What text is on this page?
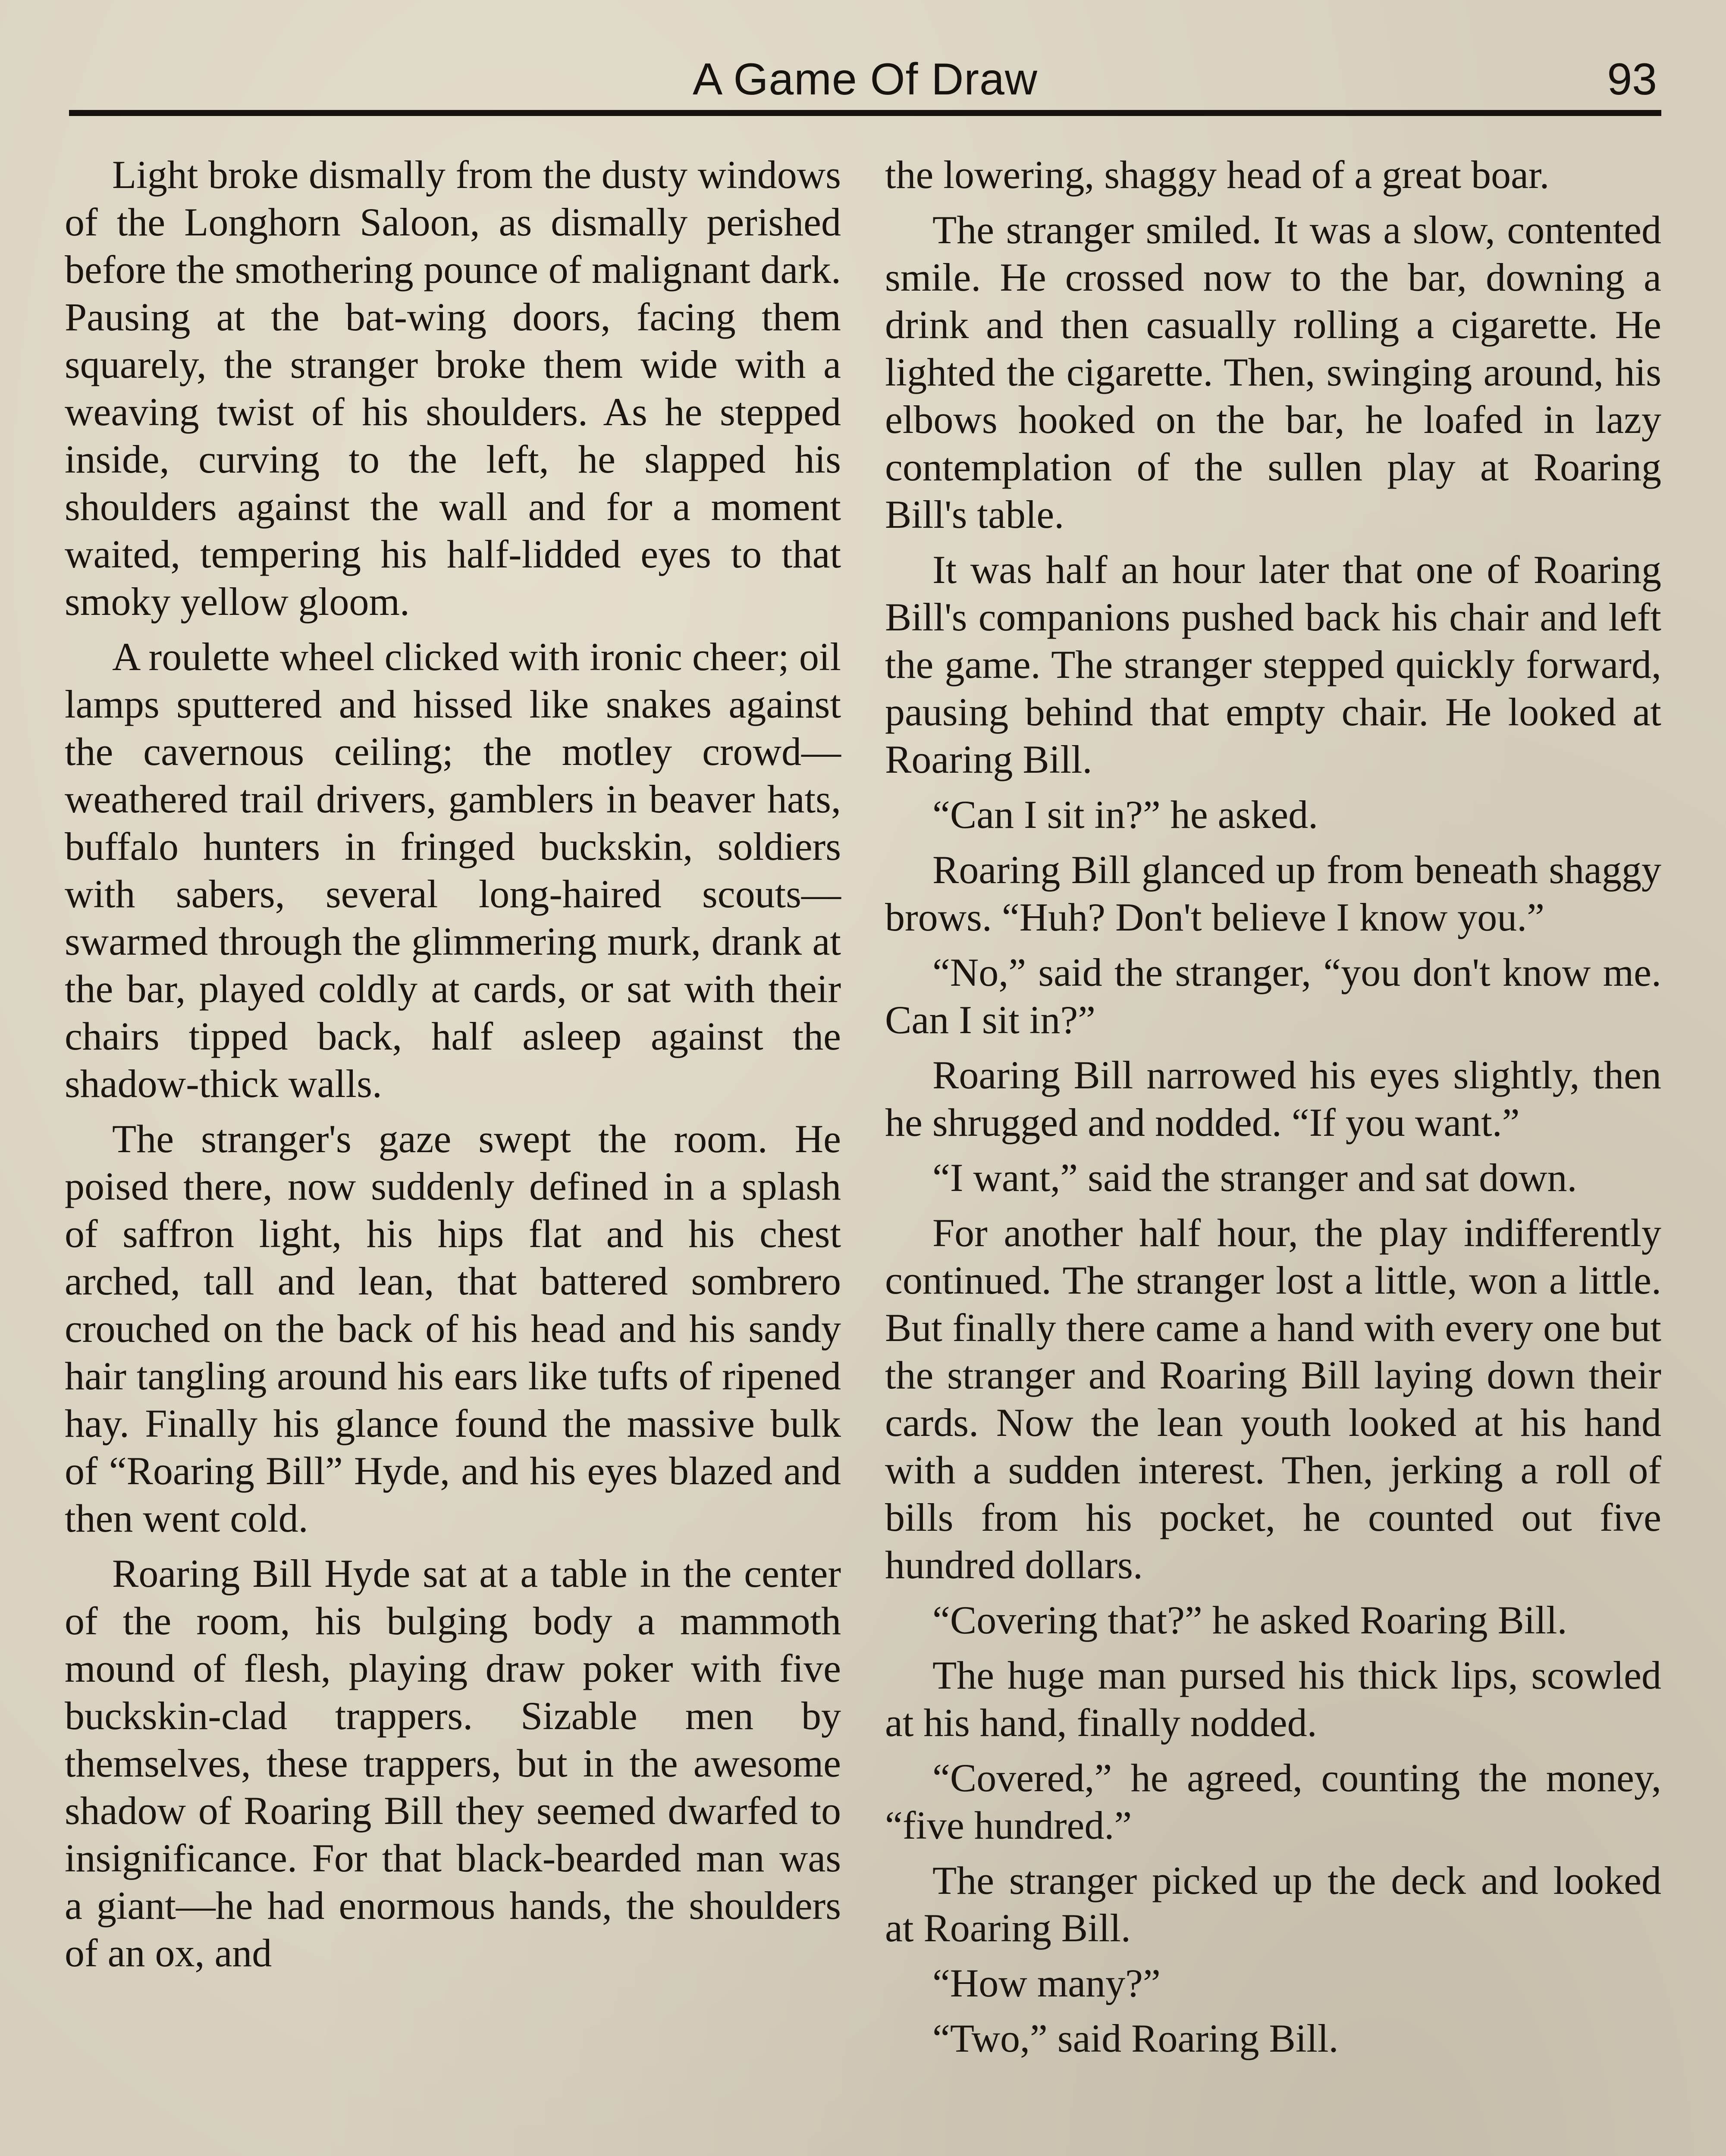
A Game Of Draw	93

Light broke dismally from the dusty windows of the Longhorn Saloon, as dismally perished before the smothering pounce of malignant dark. Pausing at the bat-wing doors, facing them squarely, the stranger broke them wide with a weaving twist of his shoulders. As he stepped inside, curving to the left, he slapped his shoulders against the wall and for a moment waited, tempering his half-lidded eyes to that smoky yellow gloom.

A roulette wheel clicked with ironic cheer; oil lamps sputtered and hissed like snakes against the cavernous ceiling; the motley crowd—weathered trail drivers, gamblers in beaver hats, buffalo hunters in fringed buckskin, soldiers with sabers, several long-haired scouts—swarmed through the glimmering murk, drank at the bar, played coldly at cards, or sat with their chairs tipped back, half asleep against the shadow-thick walls.

The stranger's gaze swept the room. He poised there, now suddenly defined in a splash of saffron light, his hips flat and his chest arched, tall and lean, that battered sombrero crouched on the back of his head and his sandy hair tangling around his ears like tufts of ripened hay. Finally his glance found the massive bulk of “Roaring Bill” Hyde, and his eyes blazed and then went cold.

Roaring Bill Hyde sat at a table in the center of the room, his bulging body a mammoth mound of flesh, playing draw poker with five buckskin-clad trappers. Sizable men by themselves, these trappers, but in the awesome shadow of Roaring Bill they seemed dwarfed to insignificance. For that black-bearded man was a giant—he had enormous hands, the shoulders of an ox, and

the lowering, shaggy head of a great boar.

The stranger smiled. It was a slow, contented smile. He crossed now to the bar, downing a drink and then casually rolling a cigarette. He lighted the cigarette. Then, swinging around, his elbows hooked on the bar, he loafed in lazy contemplation of the sullen play at Roaring Bill's table.

It was half an hour later that one of Roaring Bill's companions pushed back his chair and left the game. The stranger stepped quickly forward, pausing behind that empty chair. He looked at Roaring Bill.

“Can I sit in?” he asked.

Roaring Bill glanced up from beneath shaggy brows. “Huh? Don't believe I know you.”

“No,” said the stranger, “you don't know me. Can I sit in?”

Roaring Bill narrowed his eyes slightly, then he shrugged and nodded. “If you want.”

“I want,” said the stranger and sat down.

For another half hour, the play indifferently continued. The stranger lost a little, won a little. But finally there came a hand with every one but the stranger and Roaring Bill laying down their cards. Now the lean youth looked at his hand with a sudden interest. Then, jerking a roll of bills from his pocket, he counted out five hundred dollars.

“Covering that?” he asked Roaring Bill.

The huge man pursed his thick lips, scowled at his hand, finally nodded.

“Covered,” he agreed, counting the money, “five hundred.”

The stranger picked up the deck and looked at Roaring Bill.

“How many?”

“Two,” said Roaring Bill.
